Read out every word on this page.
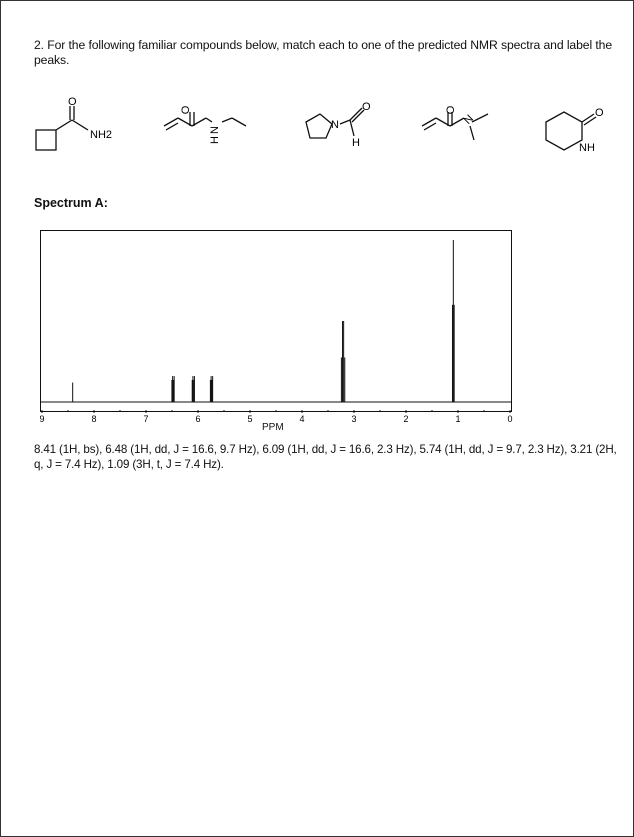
2. For the following familiar compounds below, match each to one of the predicted NMR spectra and label the peaks.
O
NH2
O
N
H
N
O
H
O
N	O
NH
Spectrum A:
9	8	7	6	5	4	3	2	1	0
PPM
8.41 (1H, bs), 6.48 (1H, dd, J = 16.6, 9.7 Hz), 6.09 (1H, dd, J = 16.6, 2.3 Hz), 5.74 (1H, dd, J = 9.7, 2.3 Hz), 3.21 (2H, q, J = 7.4 Hz), 1.09 (3H, t, J = 7.4 Hz).
